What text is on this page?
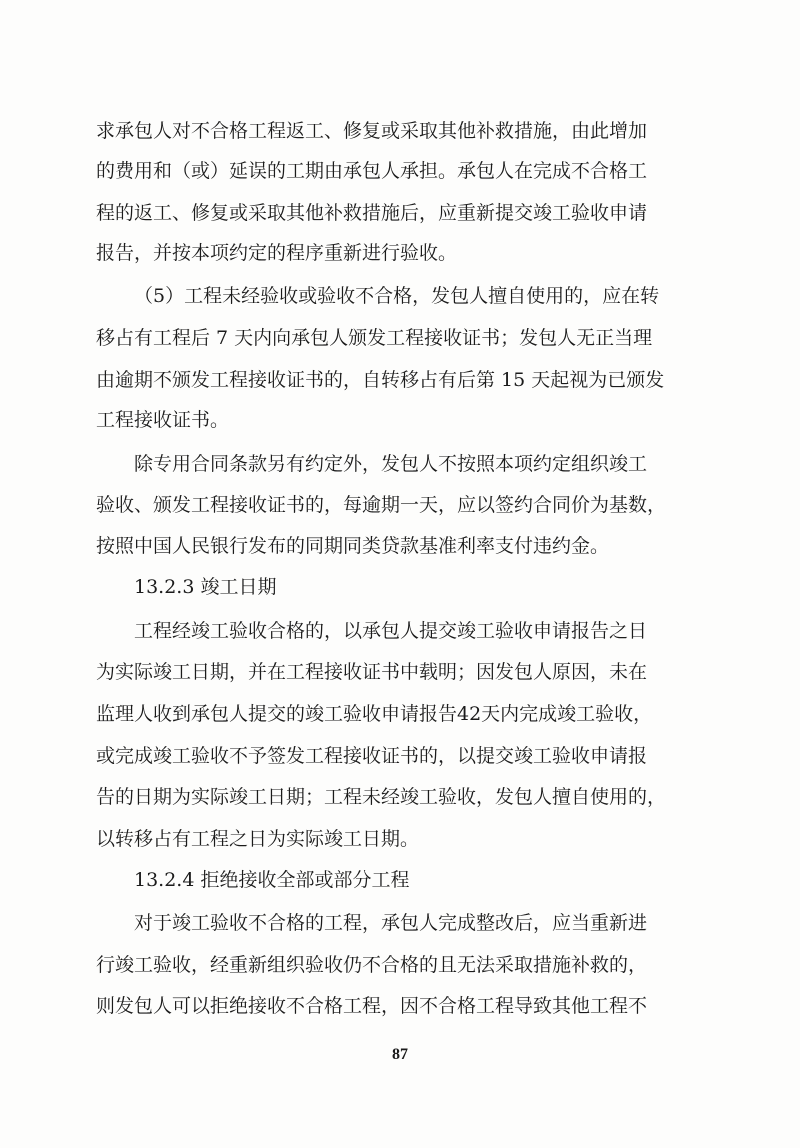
求承包人对不合格工程返工、修复或采取其他补救措施，由此增加
的费用和（或）延误的工期由承包人承担。承包人在完成不合格工
程的返工、修复或采取其他补救措施后，应重新提交竣工验收申请
报告，并按本项约定的程序重新进行验收。
（5）工程未经验收或验收不合格，发包人擅自使用的，应在转
移占有工程后 7 天内向承包人颁发工程接收证书；发包人无正当理
由逾期不颁发工程接收证书的，自转移占有后第 15 天起视为已颁发
工程接收证书。
除专用合同条款另有约定外，发包人不按照本项约定组织竣工
验收、颁发工程接收证书的，每逾期一天，应以签约合同价为基数，
按照中国人民银行发布的同期同类贷款基准利率支付违约金。
13.2.3 竣工日期
工程经竣工验收合格的，以承包人提交竣工验收申请报告之日
为实际竣工日期，并在工程接收证书中载明；因发包人原因，未在
监理人收到承包人提交的竣工验收申请报告42天内完成竣工验收，
或完成竣工验收不予签发工程接收证书的，以提交竣工验收申请报
告的日期为实际竣工日期；工程未经竣工验收，发包人擅自使用的，
以转移占有工程之日为实际竣工日期。
13.2.4 拒绝接收全部或部分工程
对于竣工验收不合格的工程，承包人完成整改后，应当重新进
行竣工验收，经重新组织验收仍不合格的且无法采取措施补救的，
则发包人可以拒绝接收不合格工程，因不合格工程导致其他工程不
87
